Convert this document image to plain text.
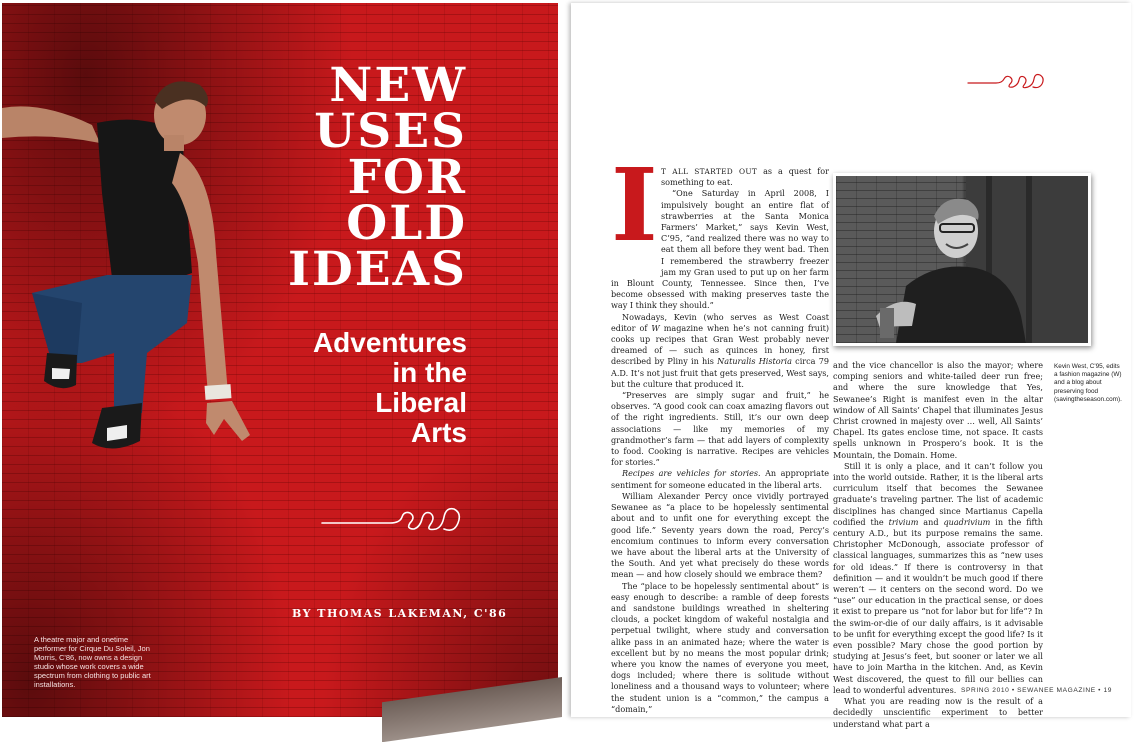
NEW
USES
FOR
OLD
IDEAS
Adventures
in the
Liberal
Arts
BY THOMAS LAKEMAN, C'86
A theatre major and onetime performer for Cirque Du Soleil, Jon Morris, C'86, now owns a design studio whose work covers a wide spectrum from clothing to public art installations.

I T ALL STARTED OUT as a quest for something to eat.

“One Saturday in April 2008, I impulsively bought an entire flat of strawberries at the Santa Monica Farmers’ Market,” says Kevin West, C’95, “and realized there was no way to eat them all before they went bad. Then I remembered the strawberry freezer jam my Gran used to put up on her farm in Blount County, Tennessee. Since then, I’ve become obsessed with making preserves taste the way I think they should.”

Nowadays, Kevin (who serves as West Coast editor of W magazine when he’s not canning fruit) cooks up recipes that Gran West probably never dreamed of — such as quinces in honey, first described by Pliny in his Naturalis Historia circa 79 A.D. It’s not just fruit that gets preserved, West says, but the culture that produced it.

“Preserves are simply sugar and fruit,” he observes. “A good cook can coax amazing flavors out of the right ingredients. Still, it’s our own deep associations — like my memories of my grandmother’s farm — that add layers of complexity to food. Cooking is narrative. Recipes are vehicles for stories.”

Recipes are vehicles for stories. An appropriate sentiment for someone educated in the liberal arts.

William Alexander Percy once vividly portrayed Sewanee as “a place to be hopelessly sentimental about and to unfit one for everything except the good life.” Seventy years down the road, Percy’s encomium continues to inform every conversation we have about the liberal arts at the University of the South. And yet what precisely do these words mean — and how closely should we embrace them?

The “place to be hopelessly sentimental about” is easy enough to describe: a ramble of deep forests and sandstone buildings wreathed in sheltering clouds, a pocket kingdom of wakeful nostalgia and perpetual twilight, where study and conversation alike pass in an animated haze; where the water is excellent but by no means the most popular drink; where you know the names of everyone you meet, dogs included; where there is solitude without loneliness and a thousand ways to volunteer; where the student union is a “common,” the campus a “domain,”

Kevin West, C'95, edits a fashion magazine (W) and a blog about preserving food (savingtheseason.com).

and the vice chancellor is also the mayor; where comping seniors and white-tailed deer run free; and where the sure knowledge that Yes, Sewanee’s Right is manifest even in the altar window of All Saints’ Chapel that illuminates Jesus Christ crowned in majesty over … well, All Saints’ Chapel. Its gates enclose time, not space. It casts spells unknown in Prospero’s book. It is the Mountain, the Domain. Home.

Still it is only a place, and it can’t follow you into the world outside. Rather, it is the liberal arts curriculum itself that becomes the Sewanee graduate’s traveling partner. The list of academic disciplines has changed since Martianus Capella codified the trivium and quadrivium in the fifth century A.D., but its purpose remains the same. Christopher McDonough, associate professor of classical languages, summarizes this as “new uses for old ideas.” If there is controversy in that definition — and it wouldn’t be much good if there weren’t — it centers on the second word. Do we “use” our education in the practical sense, or does it exist to prepare us “not for labor but for life”? In the swim-or-die of our daily affairs, is it advisable to be unfit for everything except the good life? Is it even possible? Mary chose the good portion by studying at Jesus’s feet, but sooner or later we all have to join Martha in the kitchen. And, as Kevin West discovered, the quest to fill our bellies can lead to wonderful adventures.

What you are reading now is the result of a decidedly unscientific experiment to better understand what part a

SPRING 2010 • SEWANEE MAGAZINE • 19
